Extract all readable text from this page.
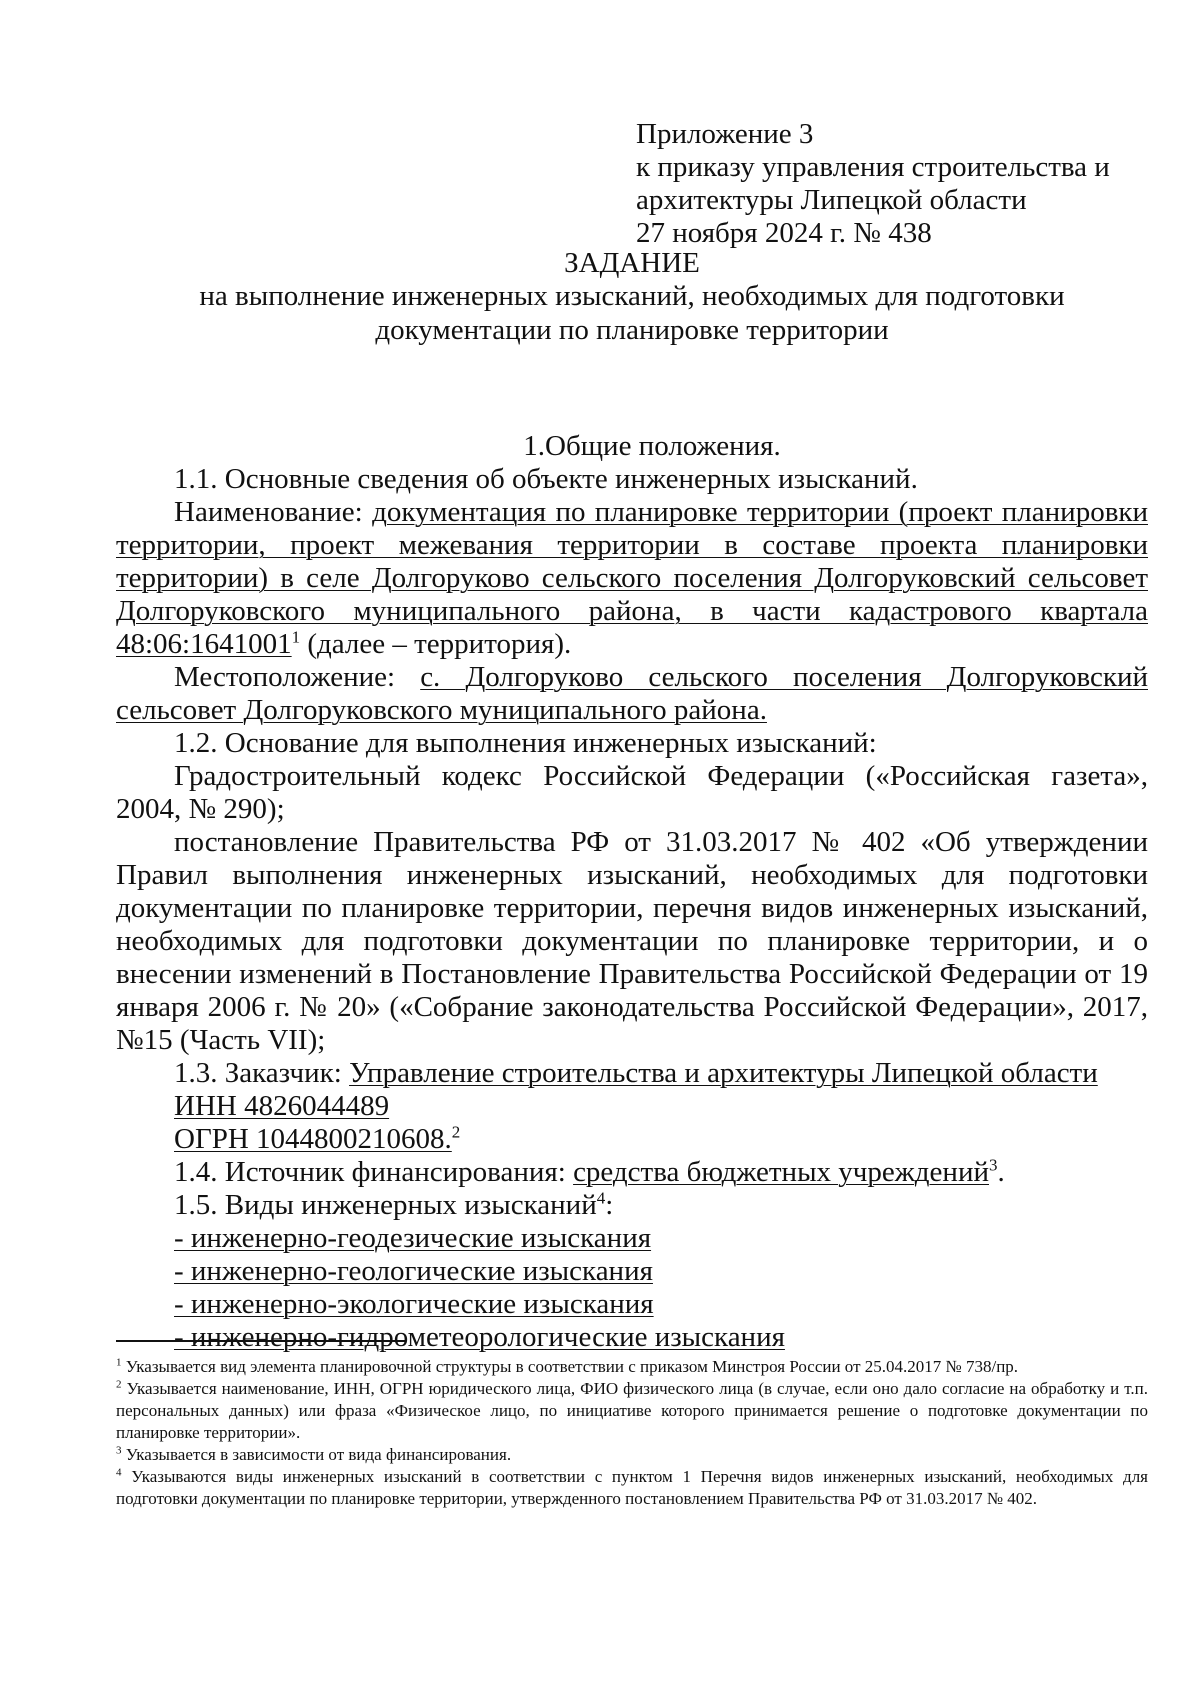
Приложение 3
к приказу управления строительства и
архитектуры Липецкой области
27 ноября 2024 г. № 438
ЗАДАНИЕ
на выполнение инженерных изысканий, необходимых для подготовки
документации по планировке территории

1.Общие положения.

1.1. Основные сведения об объекте инженерных изысканий.

Наименование: документация по планировке территории (проект планировки территории, проект межевания территории в составе проекта планировки территории) в селе Долгоруково сельского поселения Долгоруковский сельсовет Долгоруковского муниципального района, в части кадастрового квартала 48:06:1641001$^1$ (далее – территория).

Местоположение: с. Долгоруково сельского поселения Долгоруковский сельсовет Долгоруковского муниципального района.

1.2. Основание для выполнения инженерных изысканий:

Градостроительный кодекс Российской Федерации («Российская газета», 2004, № 290);

постановление Правительства РФ от 31.03.2017 № 402 «Об утверждении Правил выполнения инженерных изысканий, необходимых для подготовки документации по планировке территории, перечня видов инженерных изысканий, необходимых для подготовки документации по планировке территории, и о внесении изменений в Постановление Правительства Российской Федерации от 19 января 2006 г. № 20» («Собрание законодательства Российской Федерации», 2017, №15 (Часть VII);

1.3. Заказчик: Управление строительства и архитектуры Липецкой области

ИНН 4826044489

ОГРН 1044800210608.$^2$

1.4. Источник финансирования: средства бюджетных учреждений$^3$.

1.5. Виды инженерных изысканий$^4$:

- инженерно-геодезические изыскания

- инженерно-геологические изыскания

- инженерно-экологические изыскания

- инженерно-гидрометеорологические изыскания

$^1$ Указывается вид элемента планировочной структуры в соответствии с приказом Минстроя России от 25.04.2017 № 738/пр.

$^2$ Указывается наименование, ИНН, ОГРН юридического лица, ФИО физического лица (в случае, если оно дало согласие на обработку и т.п. персональных данных) или фраза «Физическое лицо, по инициативе которого принимается решение о подготовке документации по планировке территории».

$^3$ Указывается в зависимости от вида финансирования.

$^4$ Указываются виды инженерных изысканий в соответствии с пунктом 1 Перечня видов инженерных изысканий, необходимых для подготовки документации по планировке территории, утвержденного постановлением Правительства РФ от 31.03.2017 № 402.
